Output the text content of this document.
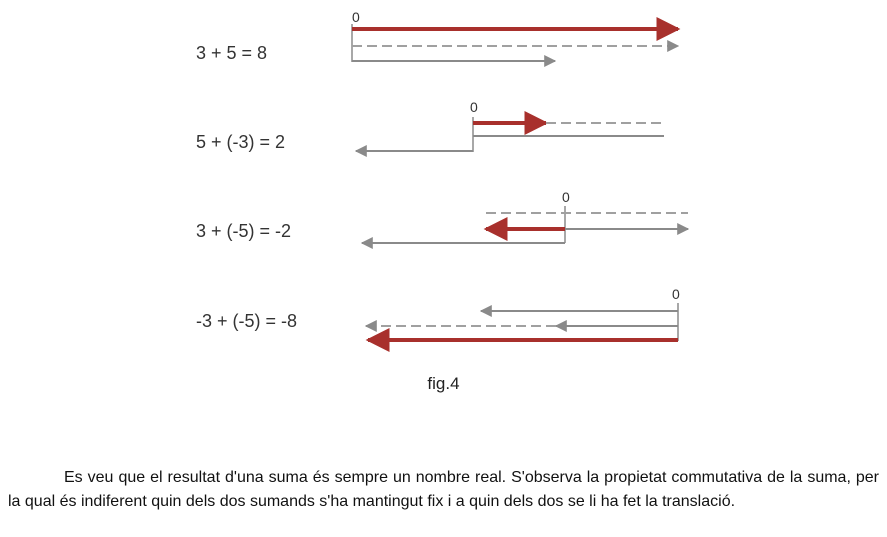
3 + 5 = 8
5 + (-3) = 2
3 + (-5) = -2
-3 + (-5) = -8
0
0
0
0
fig.4
Es veu que el resultat d'una suma és sempre un nombre real. S'observa la propietat commutativa de la suma, per la qual és indiferent quin dels dos sumands s'ha mantingut fix i a quin dels dos se li ha fet la translació.
